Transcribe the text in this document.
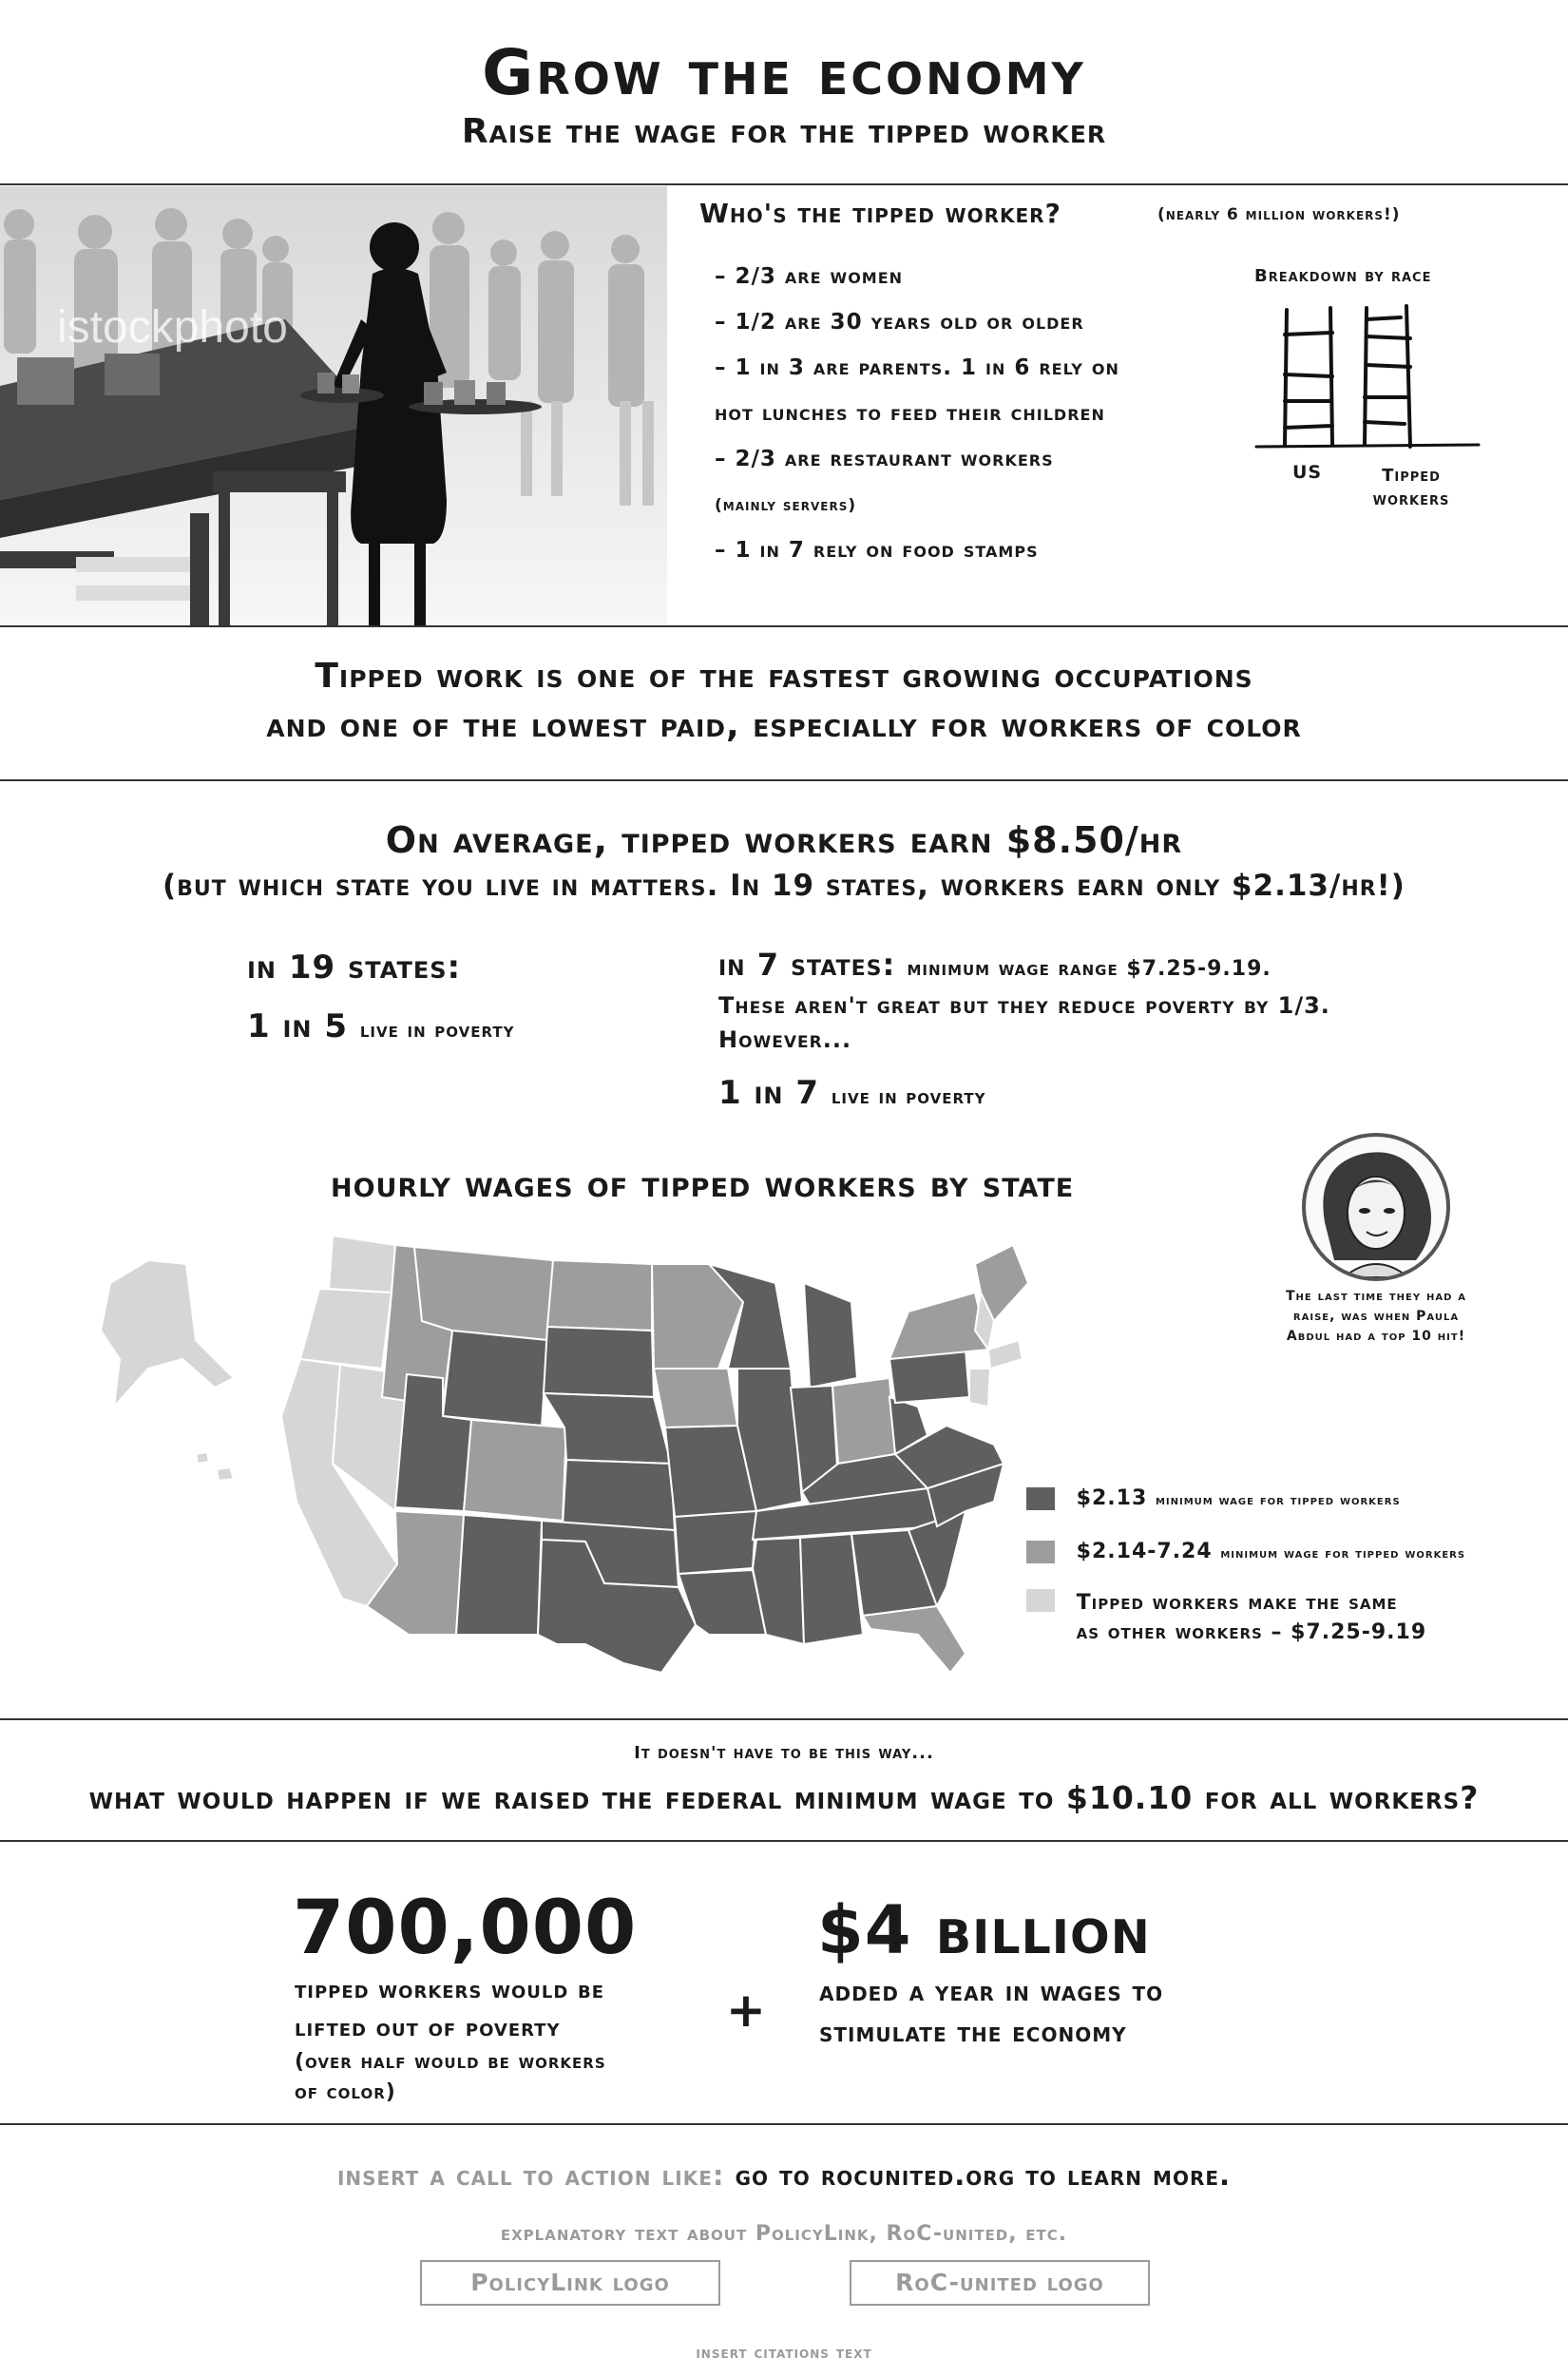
Grow the economy
Raise the wage for the tipped worker
istockphoto
Who's the tipped worker?	(nearly 6 million workers!)
– 2/3 are women
– 1/2 are 30 years old or older
– 1 in 3 are parents. 1 in 6 rely on
hot lunches to feed their children
– 2/3 are restaurant workers
(mainly servers)
– 1 in 7 rely on food stamps
Breakdown by race
US	Tipped workers
Tipped work is one of the fastest growing occupations
and one of the lowest paid, especially for workers of color
On average, tipped workers earn $8.50/hr
(but which state you live in matters. In 19 states, workers earn only $2.13/hr!)
in 19 states:
1 in 5 live in poverty
in 7 states: minimum wage range $7.25-9.19.
These aren't great but they reduce poverty by 1/3.
However...
1 in 7 live in poverty
hourly wages of tipped workers by state
The last time they had a raise, was when Paula Abdul had a top 10 hit!
$2.13 minimum wage for tipped workers
$2.14-7.24 minimum wage for tipped workers
Tipped workers make the same
as other workers – $7.25-9.19
It doesn't have to be this way...
what would happen if we raised the federal minimum wage to $10.10 for all workers?
700,000
tipped workers would be
lifted out of poverty
(over half would be workers
of color)
+
$4 billion
added a year in wages to
stimulate the economy
insert a call to action like: go to rocunited.org to learn more.
explanatory text about PolicyLink, RoC-united, etc.
PolicyLink logo	RoC-united logo
insert citations text
